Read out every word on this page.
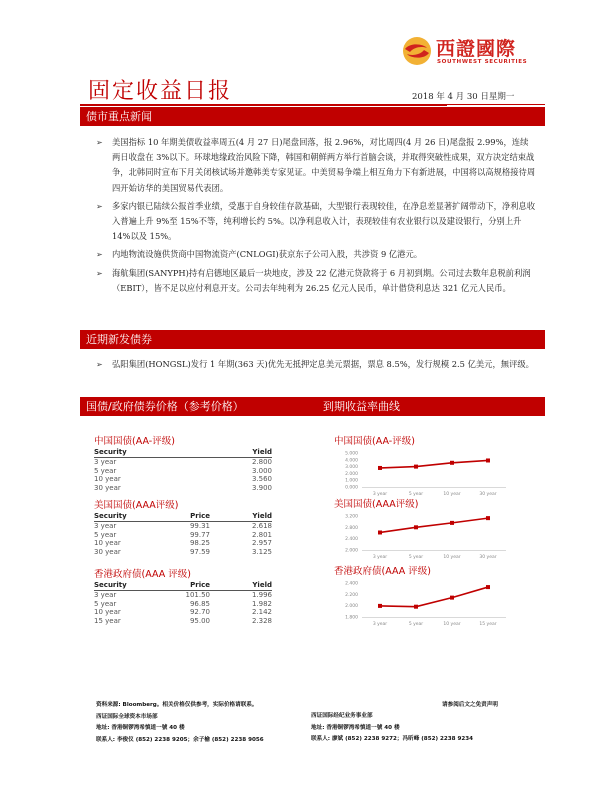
西證國際
SOUTHWEST SECURITIES
固定收益日报	2018 年 4 月 30 日星期一
债市重点新闻
➢ 美国指标 10 年期美债收益率周五(4 月 27 日)尾盘回落，报 2.96%，对比周四(4 月 26 日)尾盘报 2.99%，连续两日收盘在 3%以下。环球地缘政治风险下降，韩国和朝鲜两方举行首脑会谈，并取得突破性成果，双方决定结束战争，北韩同时宣布下月关闭核试场并邀韩美专家见证。中美贸易争端上相互角力下有新进展，中国将以高规格接待周四开始访华的美国贸易代表团。
➢ 多家内银已陆续公报首季业绩，受惠于自身较佳存款基础，大型银行表现较佳，在净息差显著扩阔带动下，净利息收入普遍上升 9%至 15%不等，纯利增长约 5%。以净利息收入计，表现较佳有农业银行以及建设银行，分别上升 14%以及 15%。
➢ 内地物流设施供货商中国物流资产(CNLOGI)获京东子公司入股，共涉资 9 亿港元。
➢ 海航集团(SANYPH)持有启德地区最后一块地皮，涉及 22 亿港元贷款将于 6 月初到期。公司过去数年息税前利润（EBIT），皆不足以应付利息开支。公司去年纯利为 26.25 亿元人民币，单计借贷利息达 321 亿元人民币。
近期新发债券
➢ 弘阳集团(HONGSL)发行 1 年期(363 天)优先无抵押定息美元票据，票息 8.5%，发行规模 2.5 亿美元，無评级。
国债/政府债券价格（参考价格）	到期收益率曲线
中国国债(AA-评级)
Security	Yield
3 year	2.800
5 year	3.000
10 year	3.560
30 year	3.900
美国国债(AAA评级)
Security	Price	Yield
3 year	99.31	2.618
5 year	99.77	2.801
10 year	98.25	2.957
30 year	97.59	3.125
香港政府债(AAA 评级)
Security	Price	Yield
3 year	101.50	1.996
5 year	96.85	1.982
10 year	92.70	2.142
15 year	95.00	2.328
中国国债(AA-评级)
0.000
1.000
2.000
3.000
4.000
5.000
3 year	5 year	10 year	30 year
美国国债(AAA评级)
2.000
2.400
2.800
3.200
3 year	5 year	10 year	30 year
香港政府债(AAA 评级)
1.800
2.000
2.200
2.400
3 year	5 year	10 year	15 year
资料来源: Bloomberg。相关价格仅供参考，实际价格请联系。
西证国际全球资本市场部
地址: 香港铜锣湾希慎道一號 40 楼
联系人: 李俊仪 (852) 2238 9205；余子榆 (852) 2238 9056
请参阅后文之免责声明
西证国际经纪业务事业部
地址: 香港铜锣湾希慎道一號 40 楼
联系人: 廖斌 (852) 2238 9272；冯昕峰 (852) 2238 9234
